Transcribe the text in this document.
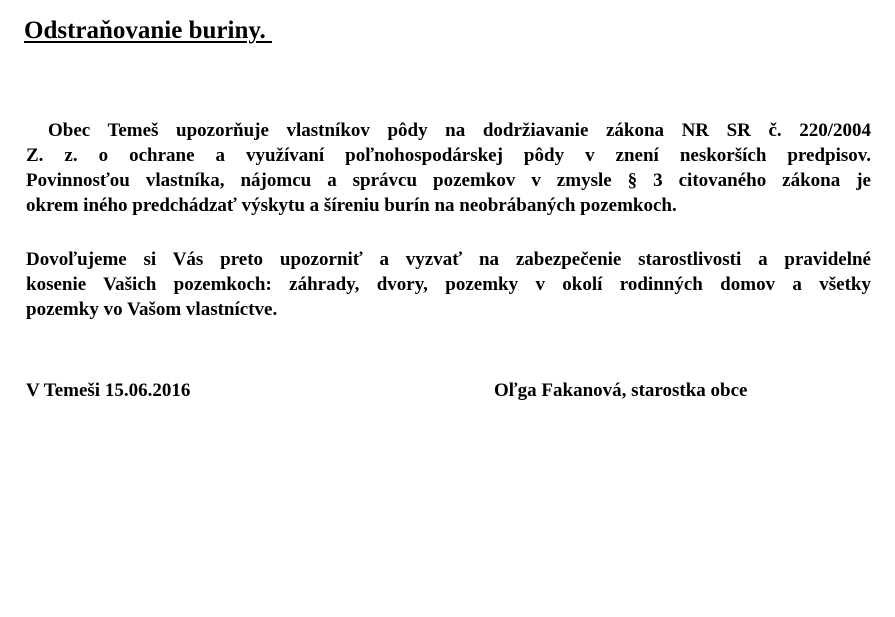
Odstraňovanie buriny.

Obec Temeš upozorňuje vlastníkov pôdy na dodržiavanie zákona NR SR č. 220/2004
Z. z. o ochrane a využívaní poľnohospodárskej pôdy v znení neskorších predpisov.
Povinnosťou vlastníka, nájomcu a správcu pozemkov v zmysle § 3 citovaného zákona je
okrem iného predchádzať výskytu a šíreniu burín na neobrábaných pozemkoch.

Dovoľujeme si Vás preto upozorniť a vyzvať na zabezpečenie starostlivosti a pravidelné
kosenie Vašich pozemkoch: záhrady, dvory, pozemky v okolí rodinných domov a všetky
pozemky vo Vašom vlastníctve.

V Temeši 15.06.2016	Oľga Fakanová, starostka obce
